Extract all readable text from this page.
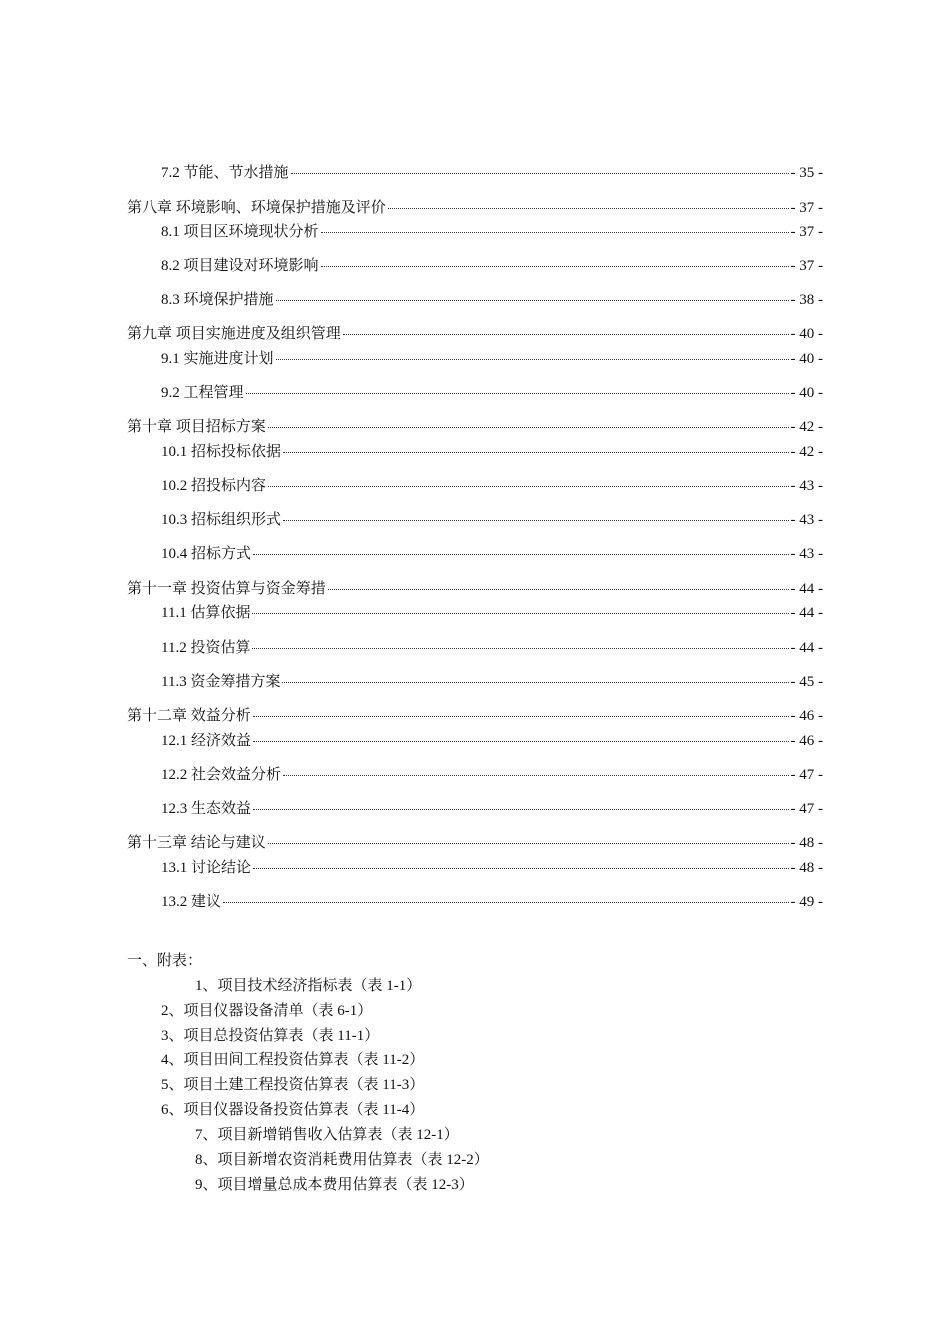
7.2 节能、节水措施	- 35 -
第八章 环境影响、环境保护措施及评价	- 37 -
8.1 项目区环境现状分析	- 37 -
8.2 项目建设对环境影响	- 37 -
8.3 环境保护措施	- 38 -
第九章 项目实施进度及组织管理	- 40 -
9.1 实施进度计划	- 40 -
9.2 工程管理	- 40 -
第十章 项目招标方案	- 42 -
10.1 招标投标依据	- 42 -
10.2 招投标内容	- 43 -
10.3 招标组织形式	- 43 -
10.4 招标方式	- 43 -
第十一章 投资估算与资金筹措	- 44 -
11.1 估算依据	- 44 -
11.2 投资估算	- 44 -
11.3 资金筹措方案	- 45 -
第十二章 效益分析	- 46 -
12.1 经济效益	- 46 -
12.2 社会效益分析	- 47 -
12.3 生态效益	- 47 -
第十三章 结论与建议	- 48 -
13.1 讨论结论	- 48 -
13.2 建议	- 49 -
一、附表：
1、项目技术经济指标表（表 1-1）
2、项目仪器设备清单（表 6-1）
3、项目总投资估算表（表 11-1）
4、项目田间工程投资估算表（表 11-2）
5、项目土建工程投资估算表（表 11-3）
6、项目仪器设备投资估算表（表 11-4）
7、项目新增销售收入估算表（表 12-1）
8、项目新增农资消耗费用估算表（表 12-2）
9、项目增量总成本费用估算表（表 12-3）
